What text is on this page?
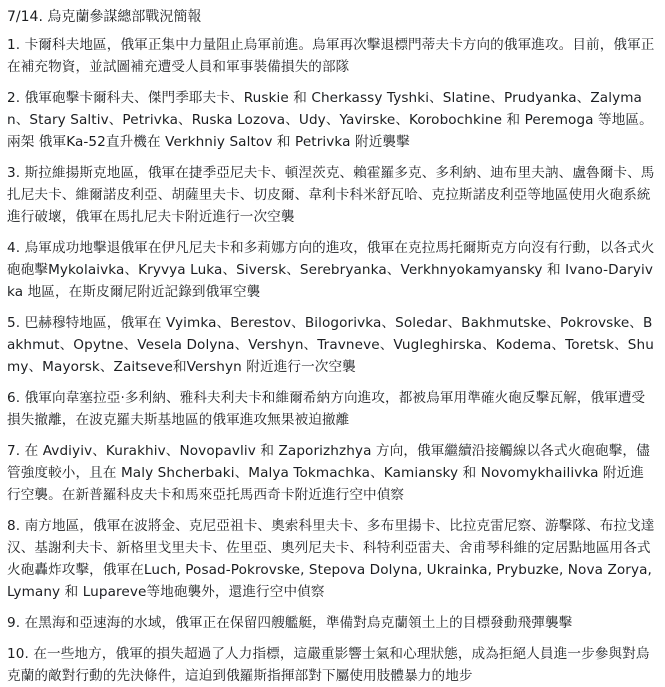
7/14. 烏克蘭參謀總部戰況簡報
1. 卡爾科夫地區，俄軍正集中力量阻止烏軍前進。烏軍再次擊退標門蒂夫卡方向的俄軍進攻。目前，俄軍正在補充物資，並試圖補充遭受人員和軍事裝備損失的部隊
2. 俄軍砲擊卡爾科夫、傑門季耶夫卡、Ruskie 和 Cherkassy Tyshki、Slatine、Prudyanka、Zalyman、Stary Saltiv、Petrivka、Ruska Lozova、Udy、Yavirske、Korobochkine 和 Peremoga 等地區。兩架 俄軍Ka-52直升機在 Verkhniy Saltov 和 Petrivka 附近襲擊
3. 斯拉維揚斯克地區，俄軍在捷季亞尼夫卡、頓涅茨克、賴霍羅多克、多利納、迪布里夫訥、盧魯爾卡、馬扎尼夫卡、維爾諾皮利亞、胡薩里夫卡、切皮爾、韋利卡科米舒瓦哈、克拉斯諾皮利亞等地區使用火砲系統進行破壞，俄軍在馬扎尼夫卡附近進行一次空襲
4. 烏軍成功地擊退俄軍在伊凡尼夫卡和多莉娜方向的進攻，俄軍在克拉馬托爾斯克方向沒有行動，以各式火砲砲擊Mykolaivka、Kryvya Luka、Siversk、Serebryanka、Verkhnyokamyansky 和 Ivano-Daryivka 地區，在斯皮爾尼附近記錄到俄軍空襲
5. 巴赫穆特地區，俄軍在 Vyimka、Berestov、Bilogorivka、Soledar、Bakhmutske、Pokrovske、Bakhmut、Opytne、Vesela Dolyna、Vershyn、Travneve、Vugleghirska、Kodema、Toretsk、Shumy、Mayorsk、Zaitseve和Vershyn 附近進行一次空襲
6. 俄軍向韋塞拉亞·多利納、雅科夫利夫卡和維爾希納方向進攻，都被烏軍用準確火砲反擊瓦解，俄軍遭受損失撤離，在波克羅夫斯基地區的俄軍進攻無果被迫撤離
7. 在 Avdiyiv、Kurakhiv、Novopavliv 和 Zaporizhzhya 方向，俄軍繼續沿接觸線以各式火砲砲擊，儘管強度較小，且在 Maly Shcherbaki、Malya Tokmachka、Kamiansky 和 Novomykhailivka 附近進行空襲。在新普羅科皮夫卡和馬來亞托馬西奇卡附近進行空中偵察
8. 南方地區，俄軍在波將金、克尼亞祖卡、奧索科里夫卡、多布里揚卡、比拉克雷尼察、游擊隊、布拉戈達汉、基謝利夫卡、新格里戈里夫卡、佐里亞、奧列尼夫卡、科特利亞雷夫、舍甫琴科維的定居點地區用各式火砲轟炸攻擊，俄軍在Luch, Posad-Pokrovske, Stepova Dolyna, Ukrainka, Prybuzke, Nova Zorya, Lymany 和 Lupareve等地砲襲外，還進行空中偵察
9. 在黑海和亞速海的水域，俄軍正在保留四艘艦艇，準備對烏克蘭領土上的目標發動飛彈襲擊
10. 在一些地方，俄軍的損失超過了人力指標，這嚴重影響士氣和心理狀態，成為拒絕人員進一步參與對烏克蘭的敵對行動的先決條件，這迫到俄羅斯指揮部對下屬使用肢體暴力的地步
